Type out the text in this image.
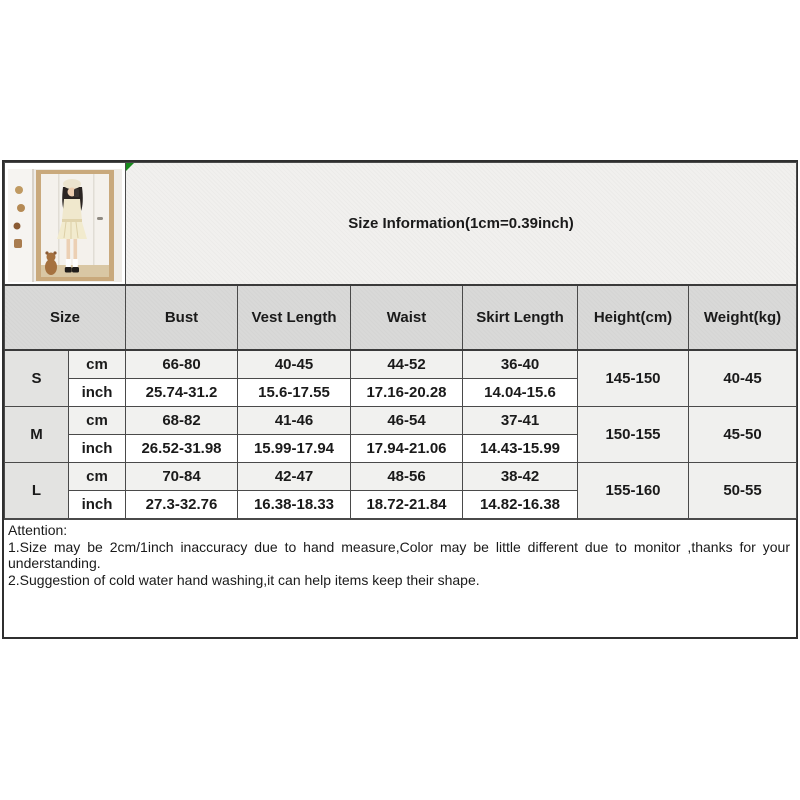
Size Information(1cm=0.39inch)					
Size		Bust	Vest Length	Waist	Skirt Length	Height(cm)	Weight(kg)
S	cm	66-80	40-45	44-52	36-40	145-150	40-45
	inch	25.74-31.2	15.6-17.55	17.16-20.28	14.04-15.6		
M	cm	68-82	41-46	46-54	37-41	150-155	45-50
	inch	26.52-31.98	15.99-17.94	17.94-21.06	14.43-15.99		
L	cm	70-84	42-47	48-56	38-42	155-160	50-55
	inch	27.3-32.76	16.38-18.33	18.72-21.84	14.82-16.38		
Attention:
1.Size may be 2cm/1inch inaccuracy due to hand measure,Color may be little different due to monitor ,thanks for your understanding.
2.Suggestion of cold water hand washing,it can help items keep their shape.
